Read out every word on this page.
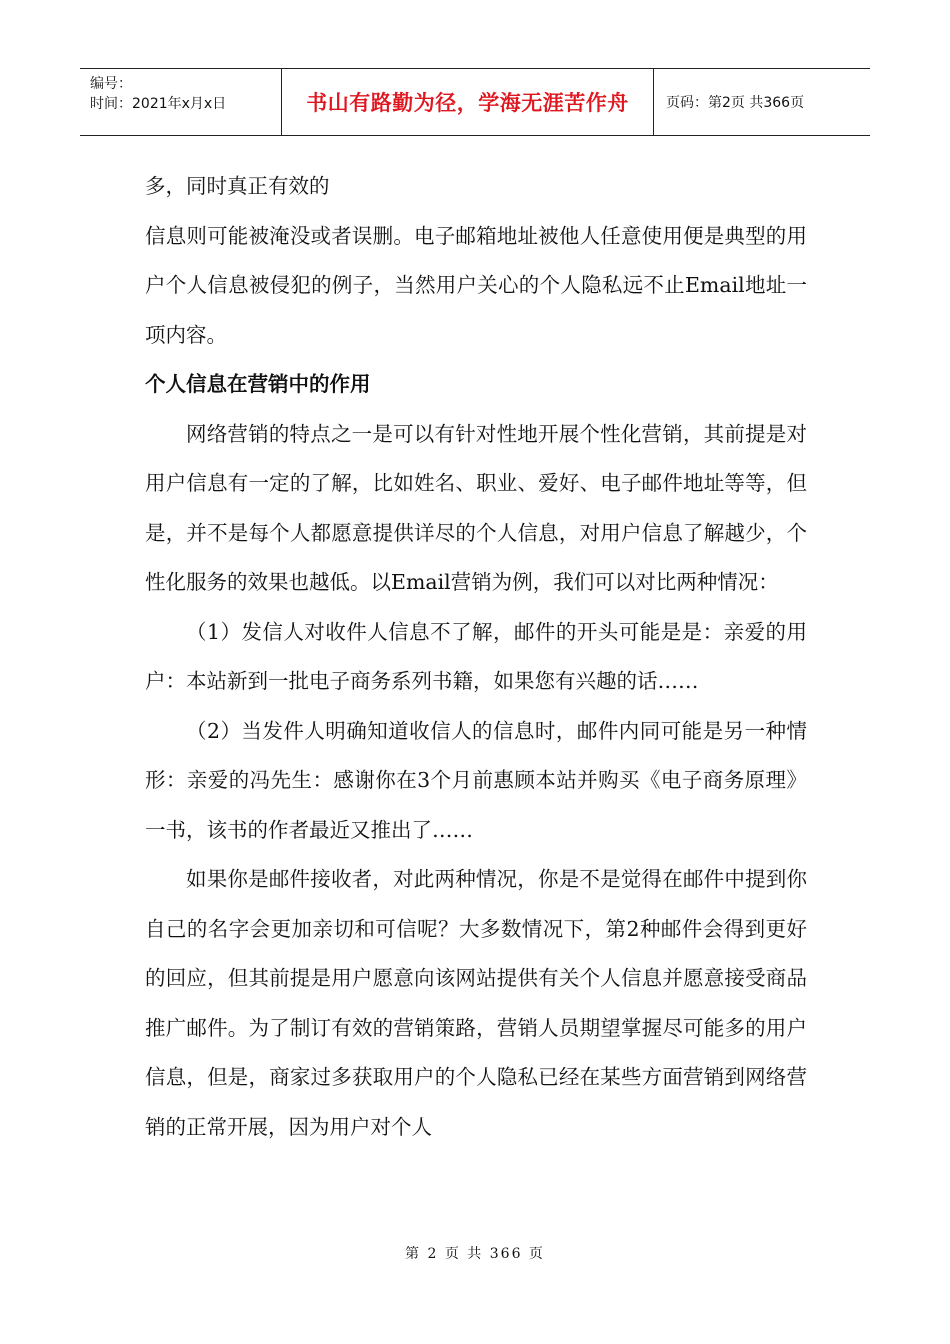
编号：
时间：2021年x月x日	书山有路勤为径，学海无涯苦作舟	页码：第2页 共366页

多，同时真正有效的

信息则可能被淹没或者误删。电子邮箱地址被他人任意使用便是典型的用户个人信息被侵犯的例子，当然用户关心的个人隐私远不止Email地址一项内容。

个人信息在营销中的作用

网络营销的特点之一是可以有针对性地开展个性化营销，其前提是对用户信息有一定的了解，比如姓名、职业、爱好、电子邮件地址等等，但是，并不是每个人都愿意提供详尽的个人信息，对用户信息了解越少，个性化服务的效果也越低。以Email营销为例，我们可以对比两种情况：

（1）发信人对收件人信息不了解，邮件的开头可能是是：亲爱的用户：本站新到一批电子商务系列书籍，如果您有兴趣的话……

（2）当发件人明确知道收信人的信息时，邮件内同可能是另一种情形：亲爱的冯先生：感谢你在3个月前惠顾本站并购买《电子商务原理》一书，该书的作者最近又推出了……

如果你是邮件接收者，对此两种情况，你是不是觉得在邮件中提到你自己的名字会更加亲切和可信呢？大多数情况下，第2种邮件会得到更好的回应，但其前提是用户愿意向该网站提供有关个人信息并愿意接受商品推广邮件。为了制订有效的营销策路，营销人员期望掌握尽可能多的用户信息，但是，商家过多获取用户的个人隐私已经在某些方面营销到网络营销的正常开展，因为用户对个人

第 2 页 共 366 页
